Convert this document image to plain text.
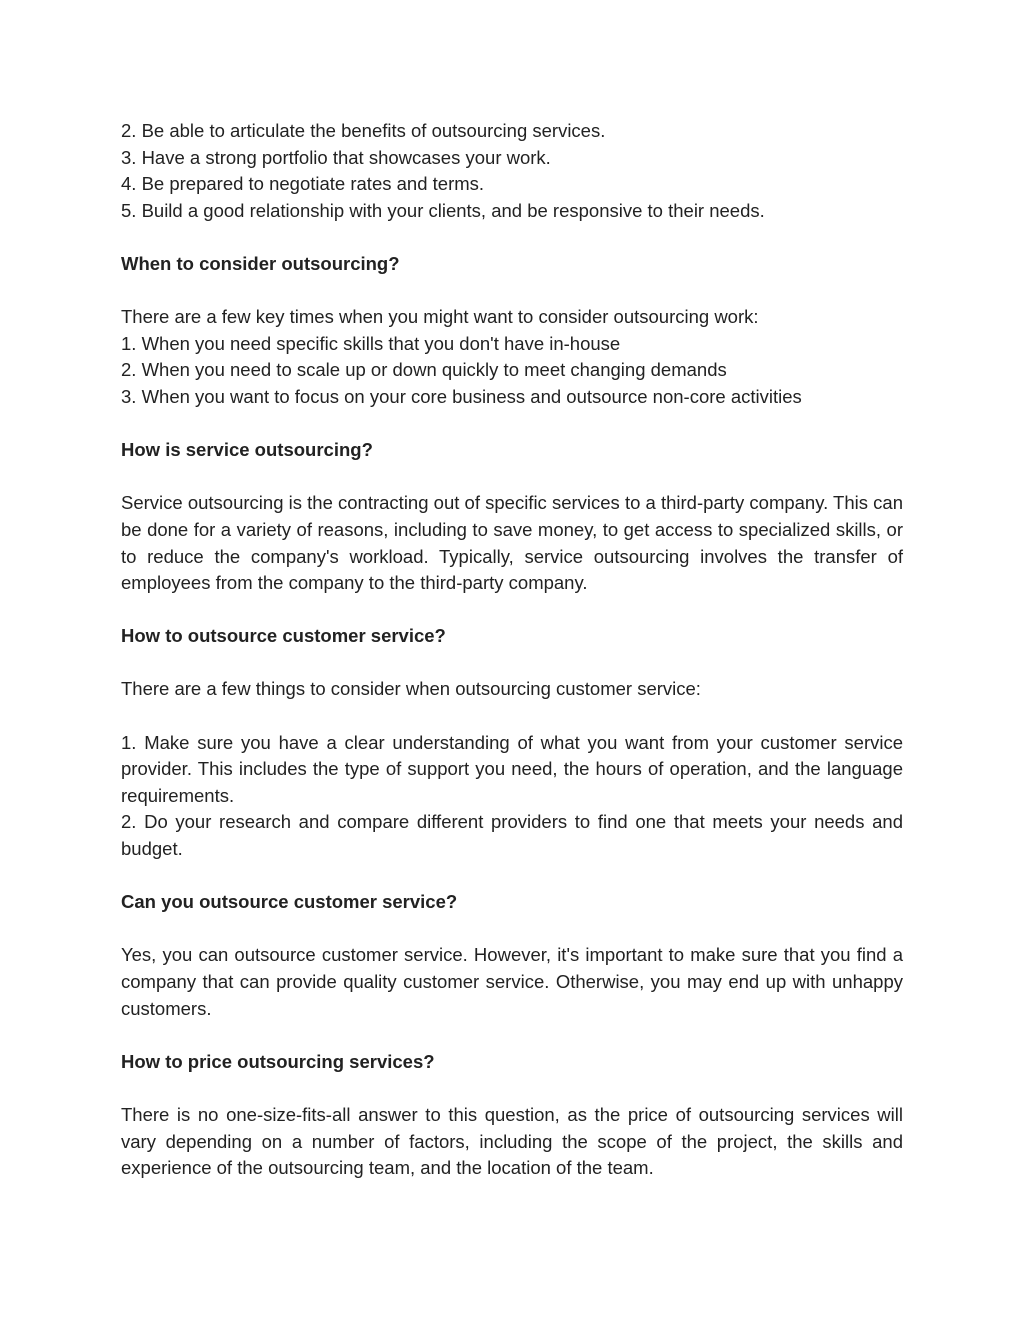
2. Be able to articulate the benefits of outsourcing services.
3. Have a strong portfolio that showcases your work.
4. Be prepared to negotiate rates and terms.
5. Build a good relationship with your clients, and be responsive to their needs.
When to consider outsourcing?
There are a few key times when you might want to consider outsourcing work:
1. When you need specific skills that you don't have in-house
2. When you need to scale up or down quickly to meet changing demands
3. When you want to focus on your core business and outsource non-core activities
How is service outsourcing?

Service outsourcing is the contracting out of specific services to a third-party company. This can be done for a variety of reasons, including to save money, to get access to specialized skills, or to reduce the company's workload. Typically, service outsourcing involves the transfer of employees from the company to the third-party company.

How to outsource customer service?
There are a few things to consider when outsourcing customer service:

1. Make sure you have a clear understanding of what you want from your customer service provider. This includes the type of support you need, the hours of operation, and the language requirements.

2. Do your research and compare different providers to find one that meets your needs and budget.

Can you outsource customer service?

Yes, you can outsource customer service. However, it's important to make sure that you find a company that can provide quality customer service. Otherwise, you may end up with unhappy customers.

How to price outsourcing services?

There is no one-size-fits-all answer to this question, as the price of outsourcing services will vary depending on a number of factors, including the scope of the project, the skills and experience of the outsourcing team, and the location of the team.
